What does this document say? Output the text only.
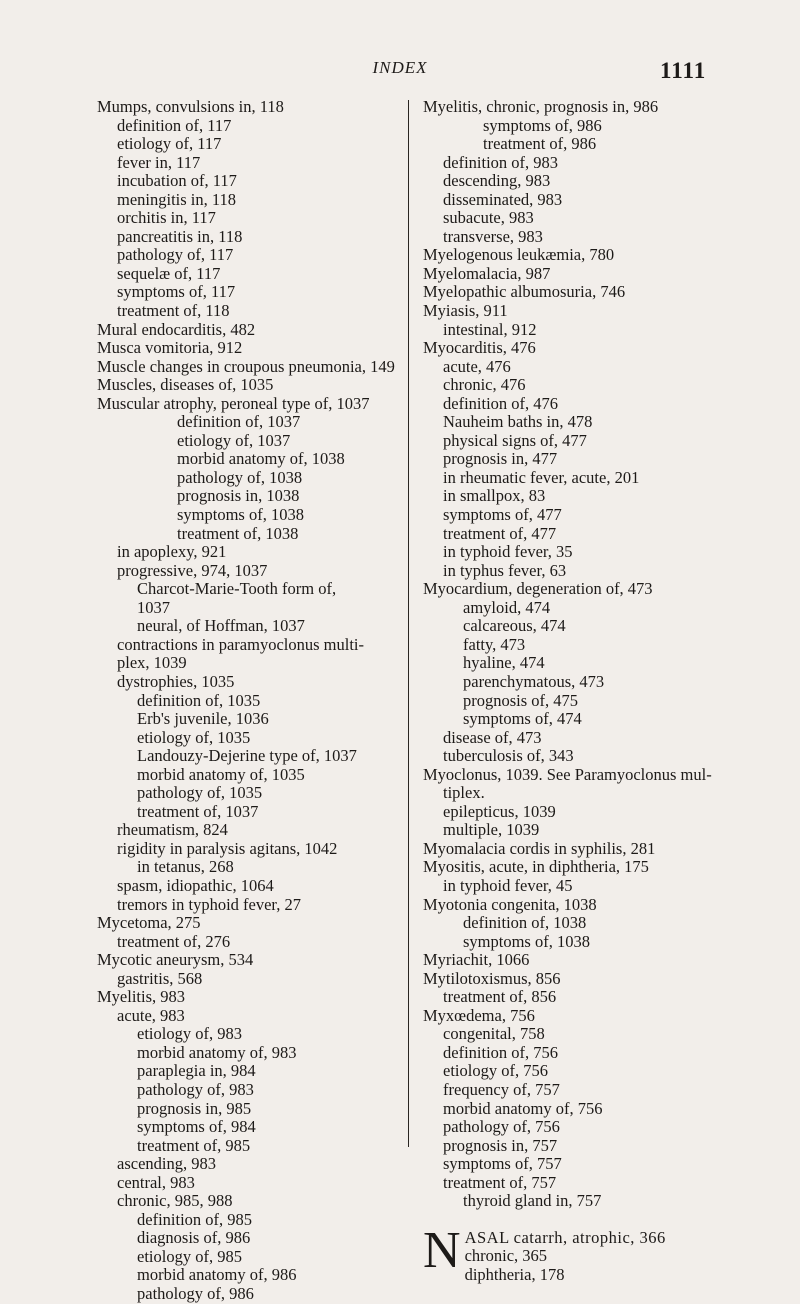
INDEX	1111
Mumps, convulsions in, 118
definition of, 117
etiology of, 117
fever in, 117
incubation of, 117
meningitis in, 118
orchitis in, 117
pancreatitis in, 118
pathology of, 117
sequelæ of, 117
symptoms of, 117
treatment of, 118
Mural endocarditis, 482
Musca vomitoria, 912
Muscle changes in croupous pneumonia, 149
Muscles, diseases of, 1035
Muscular atrophy, peroneal type of, 1037
definition of, 1037
etiology of, 1037
morbid anatomy of, 1038
pathology of, 1038
prognosis in, 1038
symptoms of, 1038
treatment of, 1038
in apoplexy, 921
progressive, 974, 1037
Charcot-Marie-Tooth form of,
1037
neural, of Hoffman, 1037
contractions in paramyoclonus multi-
plex, 1039
dystrophies, 1035
definition of, 1035
Erb's juvenile, 1036
etiology of, 1035
Landouzy-Dejerine type of, 1037
morbid anatomy of, 1035
pathology of, 1035
treatment of, 1037
rheumatism, 824
rigidity in paralysis agitans, 1042
in tetanus, 268
spasm, idiopathic, 1064
tremors in typhoid fever, 27
Mycetoma, 275
treatment of, 276
Mycotic aneurysm, 534
gastritis, 568
Myelitis, 983
acute, 983
etiology of, 983
morbid anatomy of, 983
paraplegia in, 984
pathology of, 983
prognosis in, 985
symptoms of, 984
treatment of, 985
ascending, 983
central, 983
chronic, 985, 988
definition of, 985
diagnosis of, 986
etiology of, 985
morbid anatomy of, 986
pathology of, 986
Myelitis, chronic, prognosis in, 986
symptoms of, 986
treatment of, 986
definition of, 983
descending, 983
disseminated, 983
subacute, 983
transverse, 983
Myelogenous leukæmia, 780
Myelomalacia, 987
Myelopathic albumosuria, 746
Myiasis, 911
intestinal, 912
Myocarditis, 476
acute, 476
chronic, 476
definition of, 476
Nauheim baths in, 478
physical signs of, 477
prognosis in, 477
in rheumatic fever, acute, 201
in smallpox, 83
symptoms of, 477
treatment of, 477
in typhoid fever, 35
in typhus fever, 63
Myocardium, degeneration of, 473
amyloid, 474
calcareous, 474
fatty, 473
hyaline, 474
parenchymatous, 473
prognosis of, 475
symptoms of, 474
disease of, 473
tuberculosis of, 343
Myoclonus, 1039. See Paramyoclonus mul-
tiplex.
epilepticus, 1039
multiple, 1039
Myomalacia cordis in syphilis, 281
Myositis, acute, in diphtheria, 175
in typhoid fever, 45
Myotonia congenita, 1038
definition of, 1038
symptoms of, 1038
Myriachit, 1066
Mytilotoxismus, 856
treatment of, 856
Myxœdema, 756
congenital, 758
definition of, 756
etiology of, 756
frequency of, 757
morbid anatomy of, 756
pathology of, 756
prognosis in, 757
symptoms of, 757
treatment of, 757
thyroid gland in, 757
N ASAL catarrh, atrophic, 366
chronic, 365
diphtheria, 178
